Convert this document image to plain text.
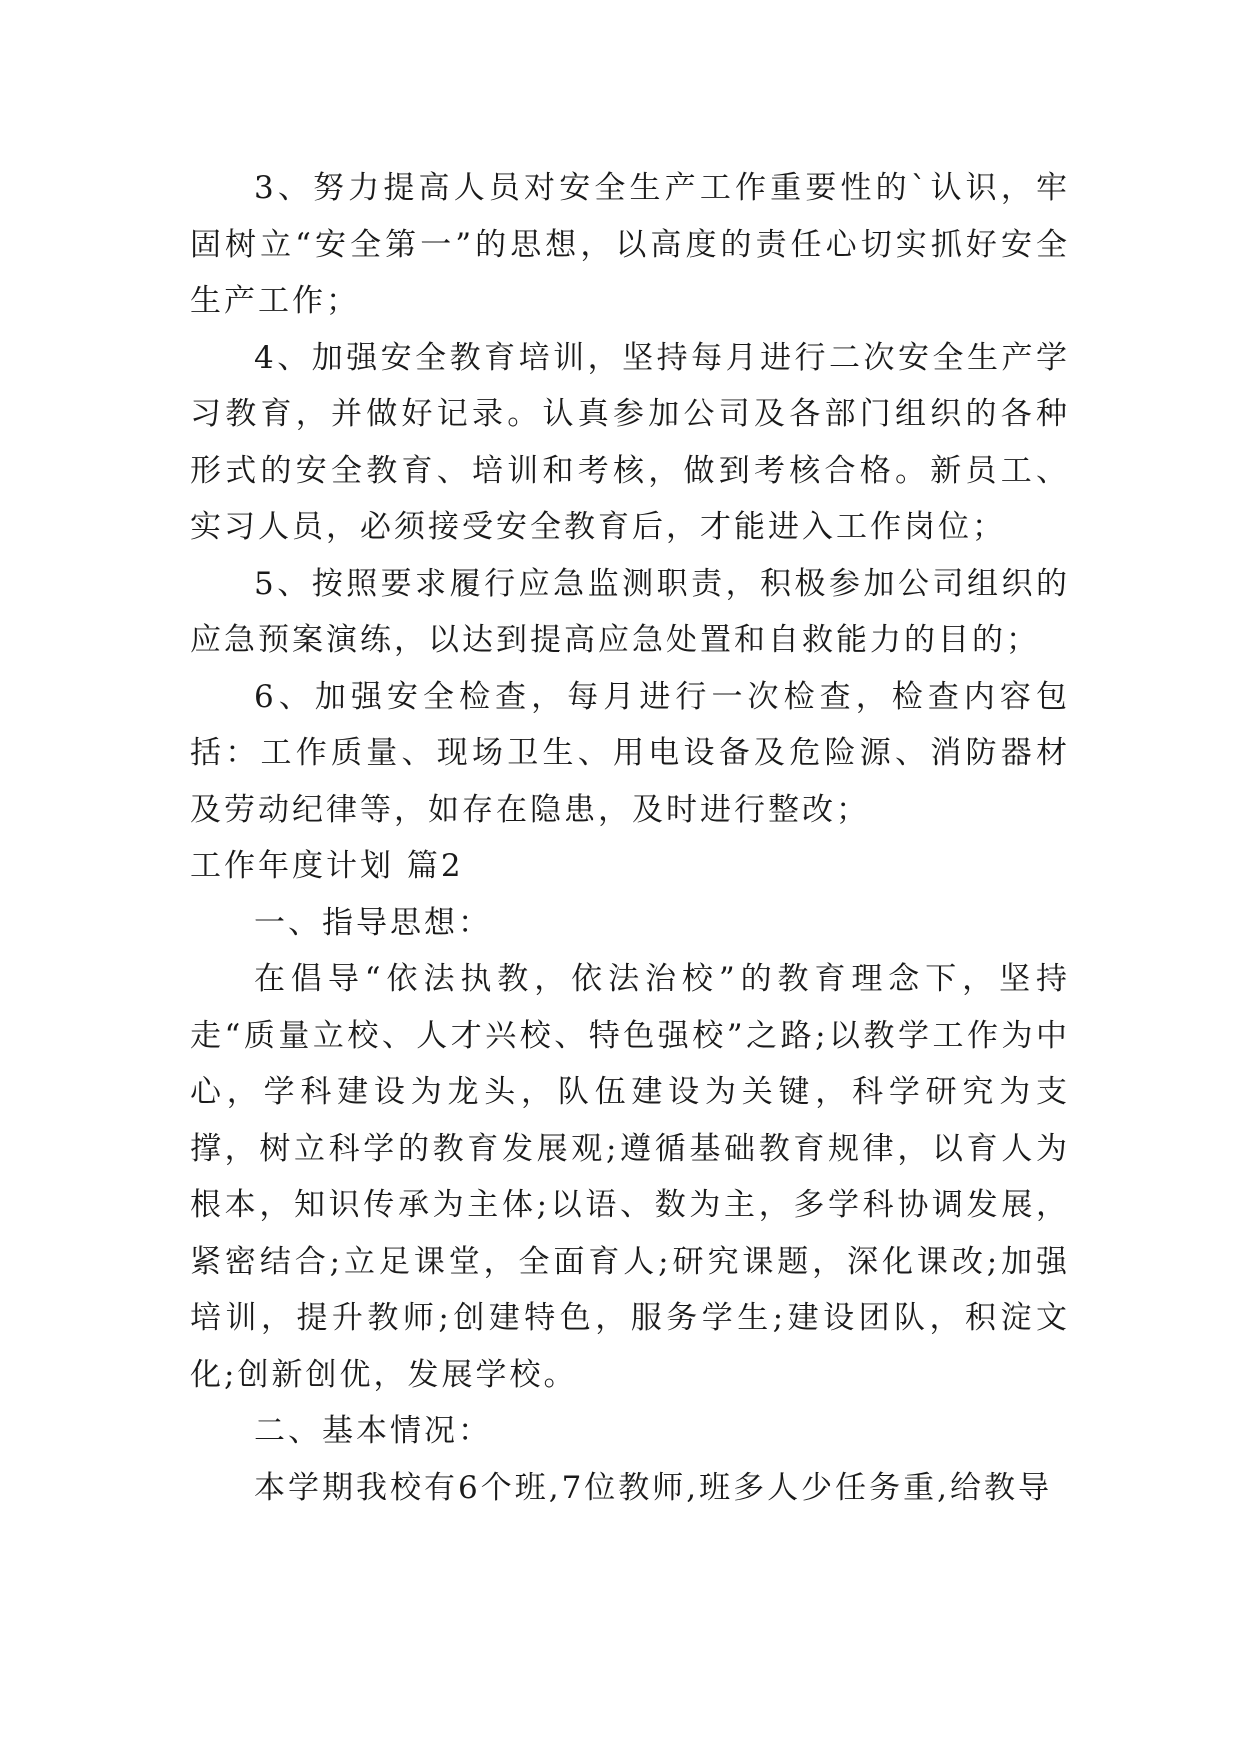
3、努力提高人员对安全生产工作重要性的`认识，牢固树立“安全第一”的思想，以高度的责任心切实抓好安全生产工作；

4、加强安全教育培训，坚持每月进行二次安全生产学习教育，并做好记录。认真参加公司及各部门组织的各种形式的安全教育、培训和考核，做到考核合格。新员工、实习人员，必须接受安全教育后，才能进入工作岗位；

5、按照要求履行应急监测职责，积极参加公司组织的应急预案演练，以达到提高应急处置和自救能力的目的；

6、加强安全检查，每月进行一次检查，检查内容包括：工作质量、现场卫生、用电设备及危险源、消防器材及劳动纪律等，如存在隐患，及时进行整改；

工作年度计划 篇2

一、指导思想：

在倡导“依法执教，依法治校”的教育理念下，坚持走“质量立校、人才兴校、特色强校”之路;以教学工作为中心，学科建设为龙头，队伍建设为关键，科学研究为支撑，树立科学的教育发展观;遵循基础教育规律，以育人为根本，知识传承为主体;以语、数为主，多学科协调发展，紧密结合;立足课堂，全面育人;研究课题，深化课改;加强培训，提升教师;创建特色，服务学生;建设团队，积淀文化;创新创优，发展学校。

二、基本情况：

本学期我校有6个班,7位教师,班多人少任务重,给教导
